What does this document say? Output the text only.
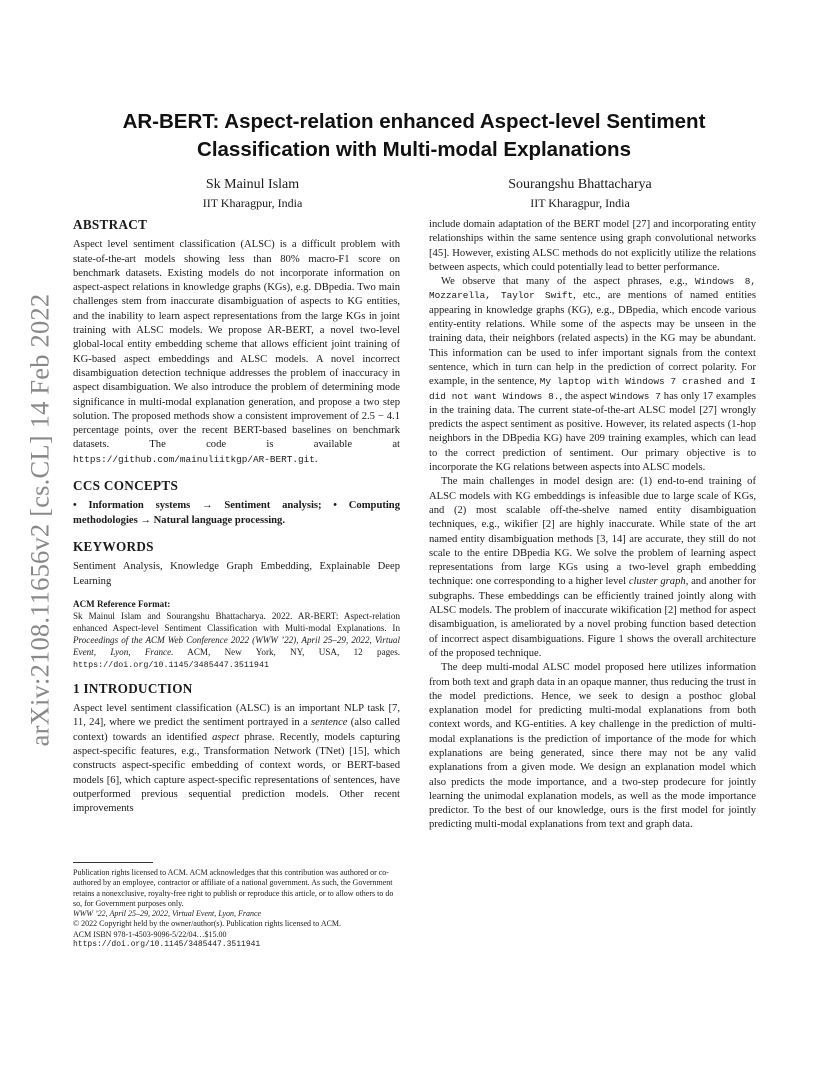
arXiv:2108.11656v2 [cs.CL] 14 Feb 2022
AR-BERT: Aspect-relation enhanced Aspect-level Sentiment
Classification with Multi-modal Explanations
Sk Mainul Islam
IIT Kharagpur, India
Sourangshu Bhattacharya
IIT Kharagpur, India
ABSTRACT

Aspect level sentiment classification (ALSC) is a difficult problem with state-of-the-art models showing less than 80% macro-F1 score on benchmark datasets. Existing models do not incorporate information on aspect-aspect relations in knowledge graphs (KGs), e.g. DBpedia. Two main challenges stem from inaccurate disambiguation of aspects to KG entities, and the inability to learn aspect representations from the large KGs in joint training with ALSC models. We propose AR-BERT, a novel two-level global-local entity embedding scheme that allows efficient joint training of KG-based aspect embeddings and ALSC models. A novel incorrect disambiguation detection technique addresses the problem of inaccuracy in aspect disambiguation. We also introduce the problem of determining mode significance in multi-modal explanation generation, and propose a two step solution. The proposed methods show a consistent improvement of 2.5 − 4.1 percentage points, over the recent BERT-based baselines on benchmark datasets. The code is available at https://github.com/mainuliitkgp/AR-BERT.git.

CCS CONCEPTS

• Information systems → Sentiment analysis; • Computing methodologies → Natural language processing.

KEYWORDS

Sentiment Analysis, Knowledge Graph Embedding, Explainable Deep Learning

ACM Reference Format:

Sk Mainul Islam and Sourangshu Bhattacharya. 2022. AR-BERT: Aspect-relation enhanced Aspect-level Sentiment Classification with Multi-modal Explanations. In Proceedings of the ACM Web Conference 2022 (WWW ’22), April 25–29, 2022, Virtual Event, Lyon, France. ACM, New York, NY, USA, 12 pages. https://doi.org/10.1145/3485447.3511941

1 INTRODUCTION

Aspect level sentiment classification (ALSC) is an important NLP task [7, 11, 24], where we predict the sentiment portrayed in a sentence (also called context) towards an identified aspect phrase. Recently, models capturing aspect-specific features, e.g., Transformation Network (TNet) [15], which constructs aspect-specific embedding of context words, or BERT-based models [6], which capture aspect-specific representations of sentences, have outperformed previous sequential prediction models. Other recent improvements

Publication rights licensed to ACM. ACM acknowledges that this contribution was authored or co-authored by an employee, contractor or affiliate of a national government. As such, the Government retains a nonexclusive, royalty-free right to publish or reproduce this article, or to allow others to do so, for Government purposes only.
WWW ’22, April 25–29, 2022, Virtual Event, Lyon, France
© 2022 Copyright held by the owner/author(s). Publication rights licensed to ACM.
ACM ISBN 978-1-4503-9096-5/22/04…$15.00
https://doi.org/10.1145/3485447.3511941

include domain adaptation of the BERT model [27] and incorporating entity relationships within the same sentence using graph convolutional networks [45]. However, existing ALSC methods do not explicitly utilize the relations between aspects, which could potentially lead to better performance.

We observe that many of the aspect phrases, e.g., Windows 8, Mozzarella, Taylor Swift, etc., are mentions of named entities appearing in knowledge graphs (KG), e.g., DBpedia, which encode various entity-entity relations. While some of the aspects may be unseen in the training data, their neighbors (related aspects) in the KG may be abundant. This information can be used to infer important signals from the context sentence, which in turn can help in the prediction of correct polarity. For example, in the sentence, My laptop with Windows 7 crashed and I did not want Windows 8., the aspect Windows 7 has only 17 examples in the training data. The current state-of-the-art ALSC model [27] wrongly predicts the aspect sentiment as positive. However, its related aspects (1-hop neighbors in the DBpedia KG) have 209 training examples, which can lead to the correct prediction of sentiment. Our primary objective is to incorporate the KG relations between aspects into ALSC models.

The main challenges in model design are: (1) end-to-end training of ALSC models with KG embeddings is infeasible due to large scale of KGs, and (2) most scalable off-the-shelve named entity disambiguation techniques, e.g., wikifier [2] are highly inaccurate. While state of the art named entity disambiguation methods [3, 14] are accurate, they still do not scale to the entire DBpedia KG. We solve the problem of learning aspect representations from large KGs using a two-level graph embedding technique: one corresponding to a higher level cluster graph, and another for subgraphs. These embeddings can be efficiently trained jointly along with ALSC models. The problem of inaccurate wikification [2] method for aspect disambiguation, is ameliorated by a novel probing function based detection of incorrect aspect disambiguations. Figure 1 shows the overall architecture of the proposed technique.

The deep multi-modal ALSC model proposed here utilizes information from both text and graph data in an opaque manner, thus reducing the trust in the model predictions. Hence, we seek to design a posthoc global explanation model for predicting multi-modal explanations from both context words, and KG-entities. A key challenge in the prediction of multi-modal explanations is the prediction of importance of the mode for which explanations are being generated, since there may not be any valid explanations from a given mode. We design an explanation model which also predicts the mode importance, and a two-step prodecure for jointly learning the unimodal explanation models, as well as the mode importance predictor. To the best of our knowledge, ours is the first model for jointly predicting multi-modal explanations from text and graph data.
